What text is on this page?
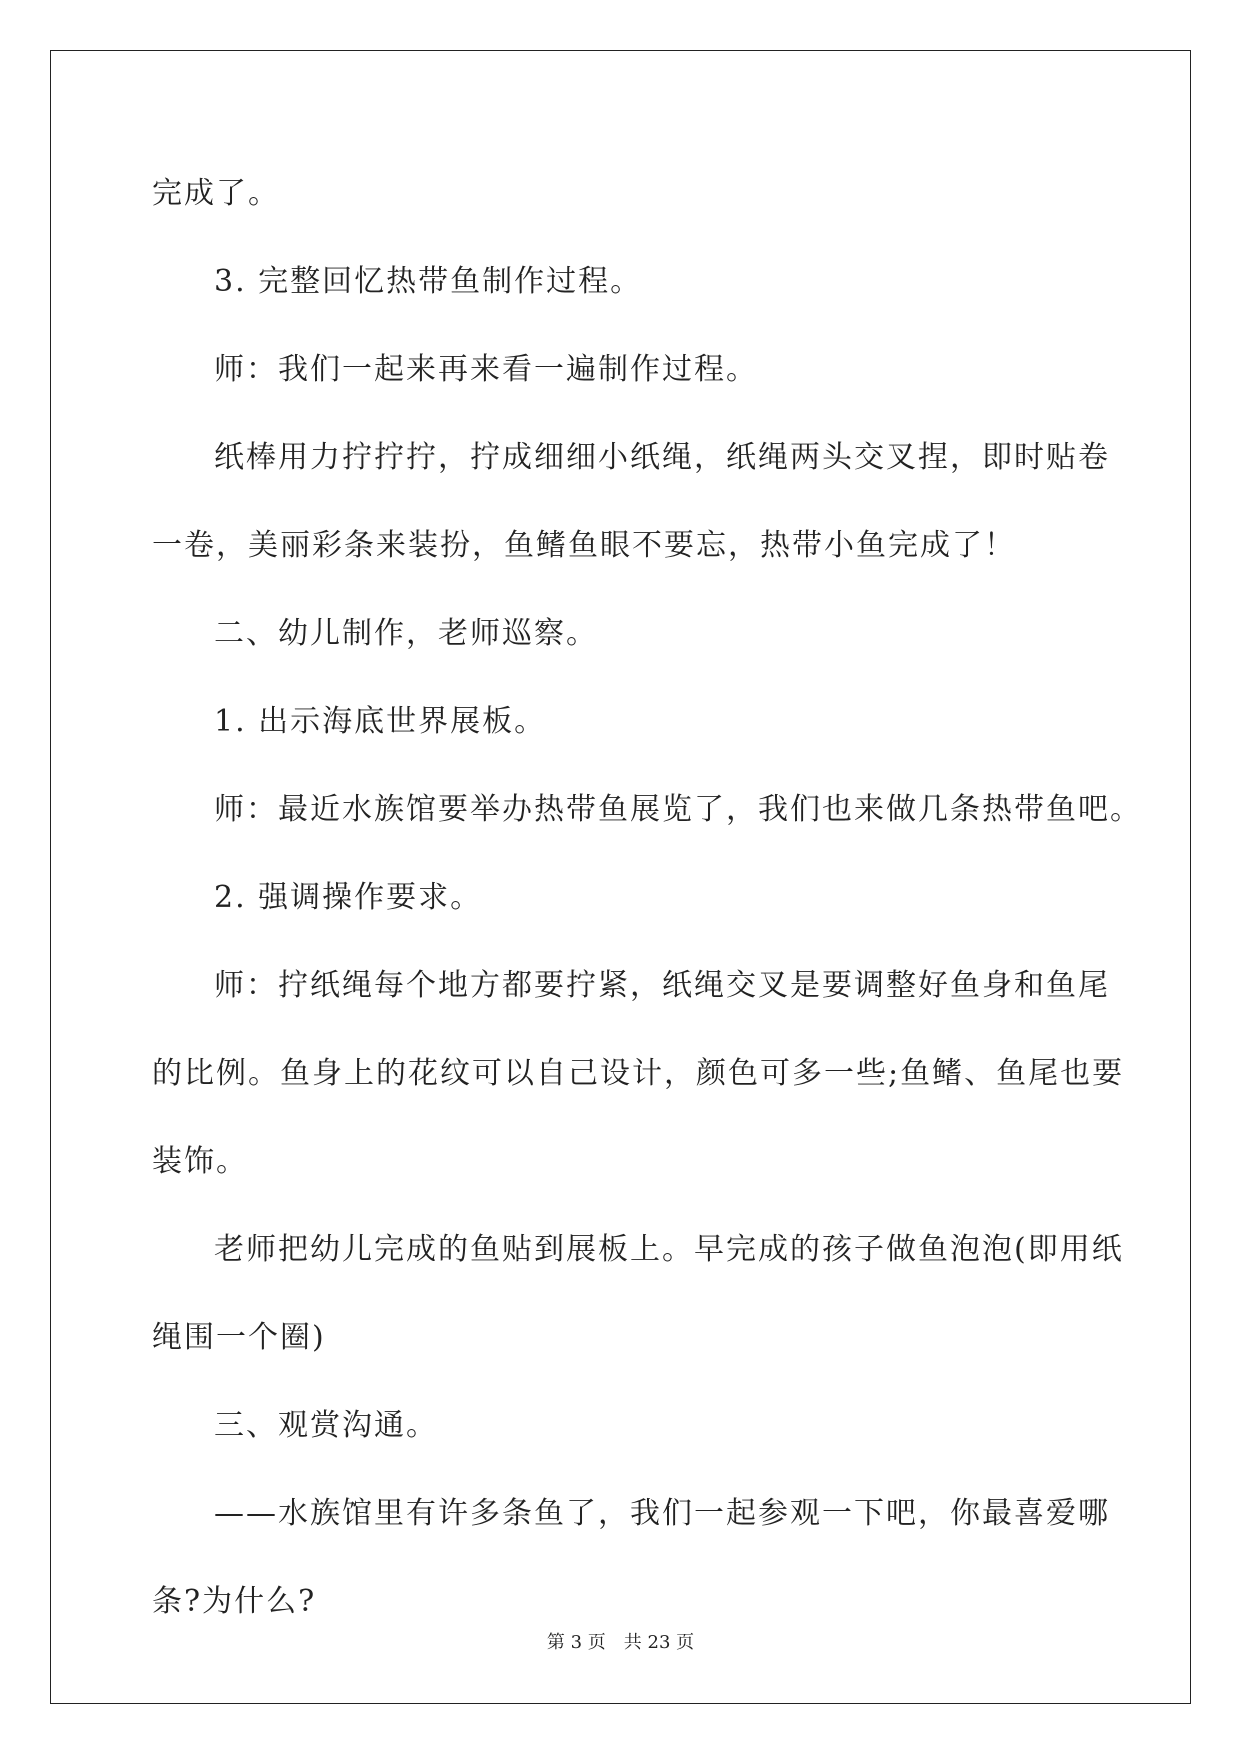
完成了。

3. 完整回忆热带鱼制作过程。

师：我们一起来再来看一遍制作过程。

纸棒用力拧拧拧，拧成细细小纸绳，纸绳两头交叉捏，即时贴卷

一卷，美丽彩条来装扮，鱼鳍鱼眼不要忘，热带小鱼完成了！

二、幼儿制作，老师巡察。

1. 出示海底世界展板。

师：最近水族馆要举办热带鱼展览了，我们也来做几条热带鱼吧。

2. 强调操作要求。

师：拧纸绳每个地方都要拧紧，纸绳交叉是要调整好鱼身和鱼尾

的比例。鱼身上的花纹可以自己设计，颜色可多一些;鱼鳍、鱼尾也要

装饰。

老师把幼儿完成的鱼贴到展板上。早完成的孩子做鱼泡泡(即用纸

绳围一个圈)

三、观赏沟通。

——水族馆里有许多条鱼了，我们一起参观一下吧，你最喜爱哪

条?为什么?

第 3 页　共 23 页
